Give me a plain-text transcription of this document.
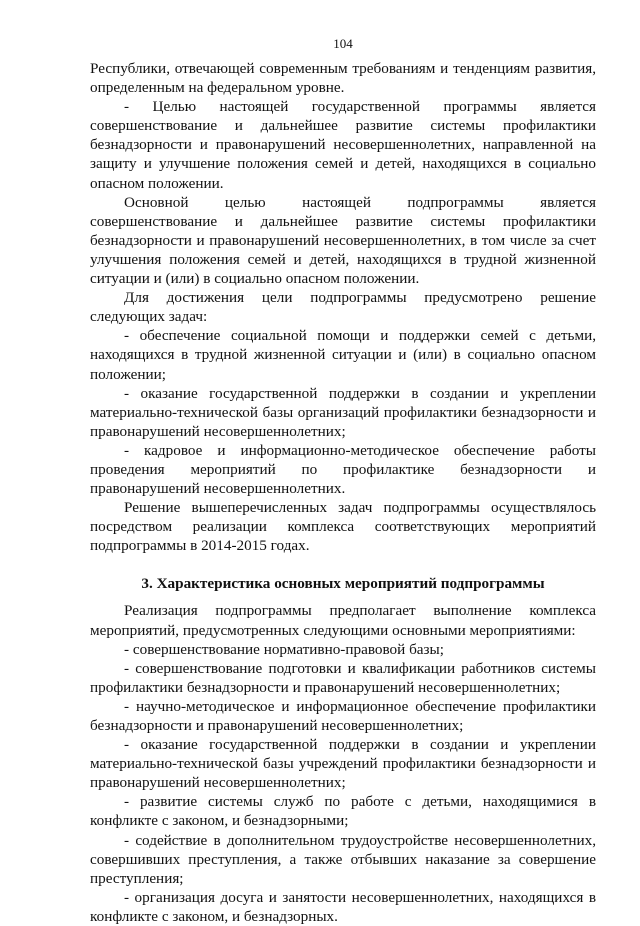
104

Республики, отвечающей современным требованиям и тенденциям развития, определенным на федеральном уровне.

- Целью настоящей государственной программы является совершенствование и дальнейшее развитие системы профилактики безнадзорности и правонарушений несовершеннолетних, направленной на защиту и улучшение положения семей и детей, находящихся в социально опасном положении.

Основной целью настоящей подпрограммы является совершенствование и дальнейшее развитие системы профилактики безнадзорности и правонарушений несовершеннолетних, в том числе за счет улучшения положения семей и детей, находящихся в трудной жизненной ситуации и (или) в социально опасном положении.

Для достижения цели подпрограммы предусмотрено решение следующих задач:

- обеспечение социальной помощи и поддержки семей с детьми, находящихся в трудной жизненной ситуации и (или) в социально опасном положении;

- оказание государственной поддержки в создании и укреплении материально-технической базы организаций профилактики безнадзорности и правонарушений несовершеннолетних;

- кадровое и информационно-методическое обеспечение работы проведения мероприятий по профилактике безнадзорности и правонарушений несовершеннолетних.

Решение вышеперечисленных задач подпрограммы осуществлялось посредством реализации комплекса соответствующих мероприятий подпрограммы в 2014-2015 годах.

3. Характеристика основных мероприятий подпрограммы

Реализация подпрограммы предполагает выполнение комплекса мероприятий, предусмотренных следующими основными мероприятиями:

- совершенствование нормативно-правовой базы;

- совершенствование подготовки и квалификации работников системы профилактики безнадзорности и правонарушений несовершеннолетних;

- научно-методическое и информационное обеспечение профилактики безнадзорности и правонарушений несовершеннолетних;

- оказание государственной поддержки в создании и укреплении материально-технической базы учреждений профилактики безнадзорности и правонарушений несовершеннолетних;

- развитие системы служб по работе с детьми, находящимися в конфликте с законом, и безнадзорными;

- содействие в дополнительном трудоустройстве несовершеннолетних, совершивших преступления, а также отбывших наказание за совершение преступления;

- организация досуга и занятости несовершеннолетних, находящихся в конфликте с законом, и безнадзорных.
